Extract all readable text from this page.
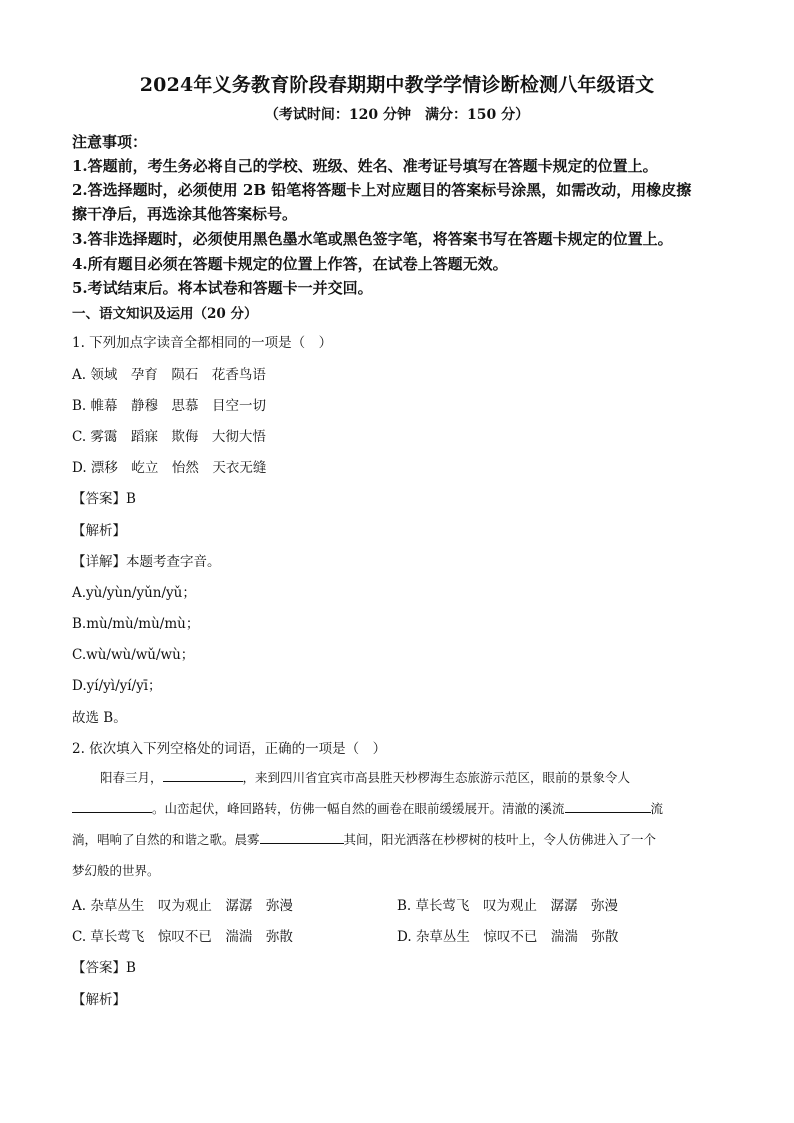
2024年义务教育阶段春期期中教学学情诊断检测八年级语文
（考试时间：120 分钟　满分：150 分）
注意事项：
1.答题前，考生务必将自己的学校、班级、姓名、准考证号填写在答题卡规定的位置上。
2.答选择题时，必须使用 2B 铅笔将答题卡上对应题目的答案标号涂黑，如需改动，用橡皮擦
擦干净后，再选涂其他答案标号。
3.答非选择题时，必须使用黑色墨水笔或黑色签字笔，将答案书写在答题卡规定的位置上。
4.所有题目必须在答题卡规定的位置上作答，在试卷上答题无效。
5.考试结束后。将本试卷和答题卡一并交回。
一、语文知识及运用（20 分）
1. 下列加点字读音全都相同的一项是（　）
A. 领域　孕育　陨石　花香鸟语
B. 帷幕　静穆　思慕　目空一切
C. 雾霭　蹈寐　欺侮　大彻大悟
D. 漂移　屹立　怡然　天衣无缝
【答案】B
【解析】
【详解】本题考查字音。
A.yù/yùn/yǔn/yǔ；
B.mù/mù/mù/mù；
C.wù/wù/wǔ/wù；
D.yí/yì/yí/yī；
故选 B。
2. 依次填入下列空格处的词语，正确的一项是（　）
阳春三月，	，来到四川省宜宾市高县胜天杪椤海生态旅游示范区，眼前的景象令人
。山峦起伏，峰回路转，仿佛一幅自然的画卷在眼前缓缓展开。清澈的溪流	流
淌，唱响了自然的和谐之歌。晨雾	其间，阳光洒落在杪椤树的枝叶上，令人仿佛进入了一个
梦幻般的世界。
A. 杂草丛生　叹为观止　潺潺　弥漫	B. 草长莺飞　叹为观止　潺潺　弥漫
C. 草长莺飞　惊叹不已　湍湍　弥散	D. 杂草丛生　惊叹不已　湍湍　弥散
【答案】B
【解析】
